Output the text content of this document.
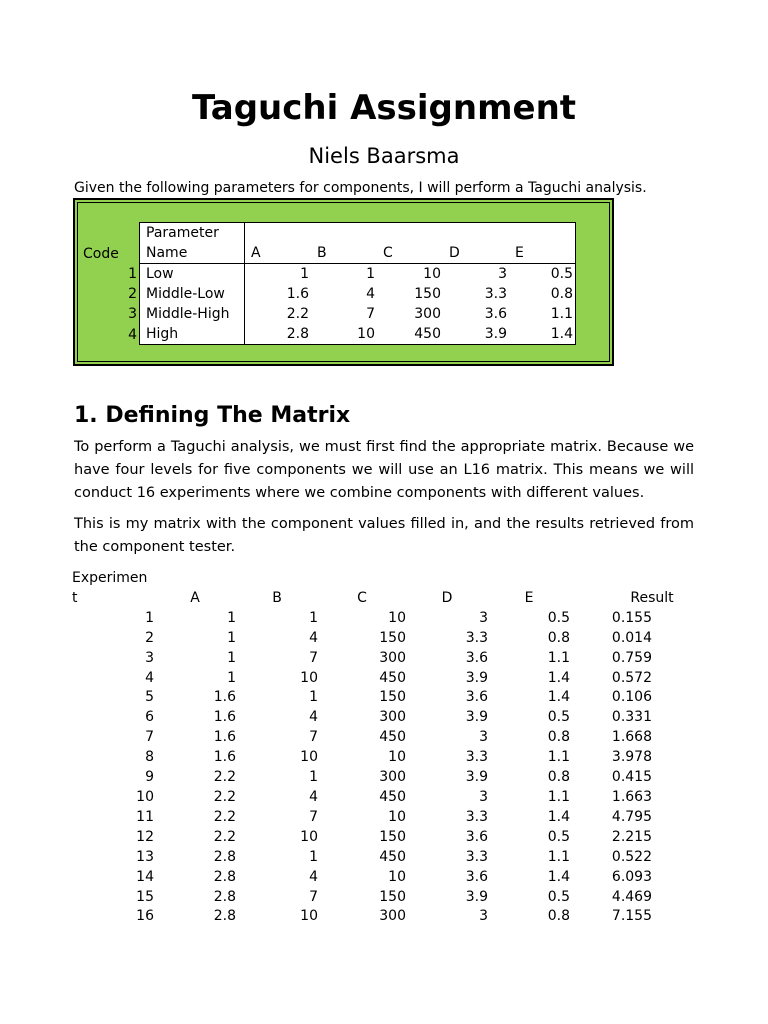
Taguchi Assignment
Niels Baarsma
Given the following parameters for components, I will perform a Taguchi analysis.
	Parameter					
Code	Name	A	B	C	D	E
1	Low	1	1	10	3	0.5
2	Middle-Low	1.6	4	150	3.3	0.8
3	Middle-High	2.2	7	300	3.6	1.1
4	High	2.8	10	450	3.9	1.4
1. Defining The Matrix

To perform a Taguchi analysis, we must first find the appropriate matrix. Because we have four levels for five components we will use an L16 matrix. This means we will conduct 16 experiments where we combine components with different values.

This is my matrix with the component values filled in, and the results retrieved from the component tester.

Experimen							
t	A	B	C	D	E	Result	
1	1	1	10	3	0.5	0.155	
2	1	4	150	3.3	0.8	0.014	
3	1	7	300	3.6	1.1	0.759	
4	1	10	450	3.9	1.4	0.572	
5	1.6	1	150	3.6	1.4	0.106	
6	1.6	4	300	3.9	0.5	0.331	
7	1.6	7	450	3	0.8	1.668	
8	1.6	10	10	3.3	1.1	3.978	
9	2.2	1	300	3.9	0.8	0.415	
10	2.2	4	450	3	1.1	1.663	
11	2.2	7	10	3.3	1.4	4.795	
12	2.2	10	150	3.6	0.5	2.215	
13	2.8	1	450	3.3	1.1	0.522	
14	2.8	4	10	3.6	1.4	6.093	
15	2.8	7	150	3.9	0.5	4.469	
16	2.8	10	300	3	0.8	7.155	
